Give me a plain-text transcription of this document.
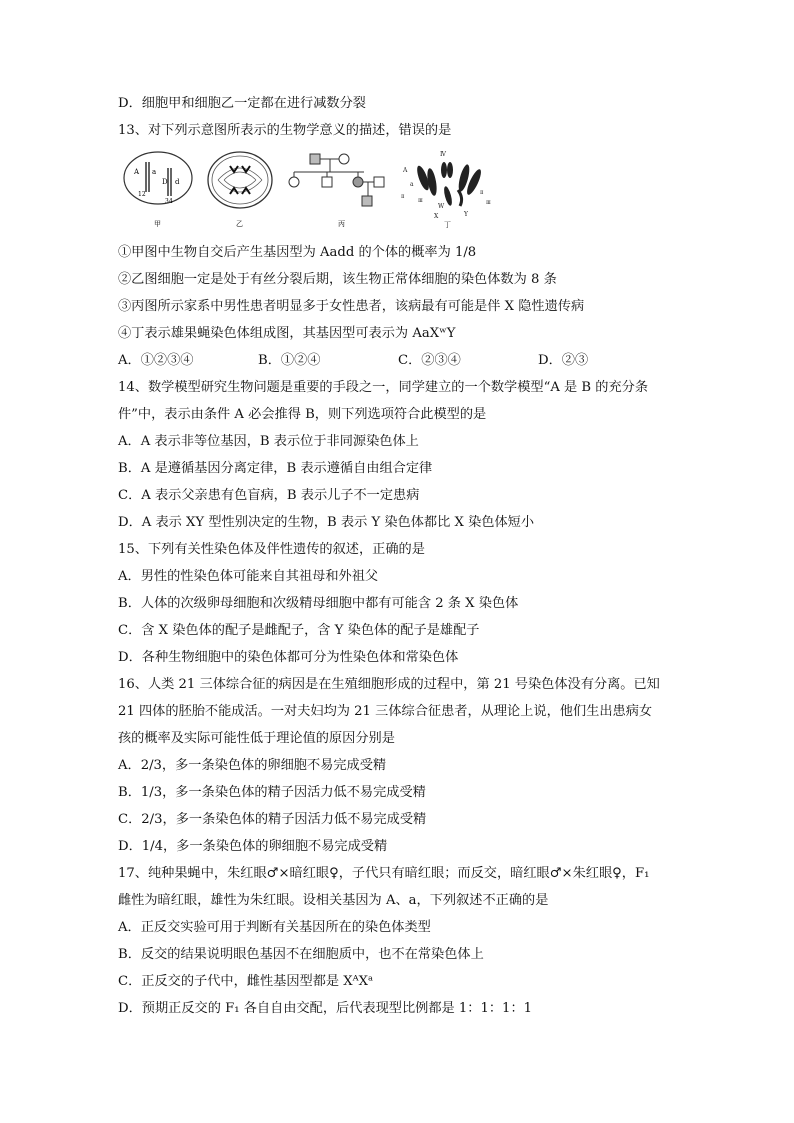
D．细胞甲和细胞乙一定都在进行减数分裂
13、对下列示意图所表示的生物学意义的描述，错误的是
A a
D d
12
34
甲	乙	丙
Ⅳ
A
a
Ⅱ
Ⅲ
Ⅱ
Ⅲ
W
X	Y
丁
①甲图中生物自交后产生基因型为 Aadd 的个体的概率为 1/8
②乙图细胞一定是处于有丝分裂后期，该生物正常体细胞的染色体数为 8 条
③丙图所示家系中男性患者明显多于女性患者，该病最有可能是伴 X 隐性遗传病
④丁表示雄果蝇染色体组成图，其基因型可表示为 AaXʷY
A．①②③④	B．①②④	C．②③④	D．②③
14、数学模型研究生物问题是重要的手段之一，同学建立的一个数学模型“A 是 B 的充分条
件”中，表示由条件 A 必会推得 B，则下列选项符合此模型的是
A．A 表示非等位基因，B 表示位于非同源染色体上
B．A 是遵循基因分离定律，B 表示遵循自由组合定律
C．A 表示父亲患有色盲病，B 表示儿子不一定患病
D．A 表示 XY 型性别决定的生物，B 表示 Y 染色体都比 X 染色体短小
15、下列有关性染色体及伴性遗传的叙述，正确的是
A．男性的性染色体可能来自其祖母和外祖父
B．人体的次级卵母细胞和次级精母细胞中都有可能含 2 条 X 染色体
C．含 X 染色体的配子是雌配子，含 Y 染色体的配子是雄配子
D．各种生物细胞中的染色体都可分为性染色体和常染色体
16、人类 21 三体综合征的病因是在生殖细胞形成的过程中，第 21 号染色体没有分离。已知
21 四体的胚胎不能成活。一对夫妇均为 21 三体综合征患者，从理论上说，他们生出患病女
孩的概率及实际可能性低于理论值的原因分别是
A．2/3，多一条染色体的卵细胞不易完成受精
B．1/3，多一条染色体的精子因活力低不易完成受精
C．2/3，多一条染色体的精子因活力低不易完成受精
D．1/4，多一条染色体的卵细胞不易完成受精
17、纯种果蝇中，朱红眼♂×暗红眼♀，子代只有暗红眼；而反交，暗红眼♂×朱红眼♀，F₁
雌性为暗红眼，雄性为朱红眼。设相关基因为 A、a，下列叙述不正确的是
A．正反交实验可用于判断有关基因所在的染色体类型
B．反交的结果说明眼色基因不在细胞质中，也不在常染色体上
C．正反交的子代中，雌性基因型都是 XᴬXᵃ
D．预期正反交的 F₁ 各自自由交配，后代表现型比例都是 1：1：1：1
